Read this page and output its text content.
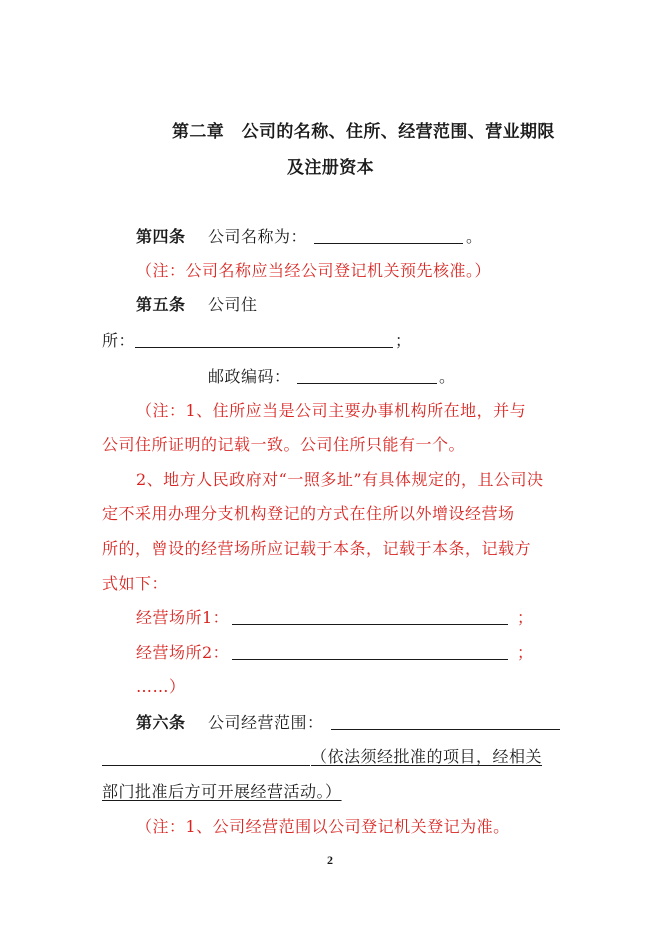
第二章　公司的名称、住所、经营范围、营业期限
及注册资本
第四条 公司名称为：	。
（注：公司名称应当经公司登记机关预先核准。）
第五条 公司住
所：	；
邮政编码：	。
（注：1、住所应当是公司主要办事机构所在地，并与
公司住所证明的记载一致。公司住所只能有一个。
2、地方人民政府对“一照多址”有具体规定的，且公司决
定不采用办理分支机构登记的方式在住所以外增设经营场
所的，曾设的经营场所应记载于本条，记载于本条，记载方
式如下：
经营场所1：	；
经营场所2：	；
……）
第六条 公司经营范围：
（依法须经批准的项目，经相关
部门批准后方可开展经营活动。）
（注：1、公司经营范围以公司登记机关登记为准。
2
